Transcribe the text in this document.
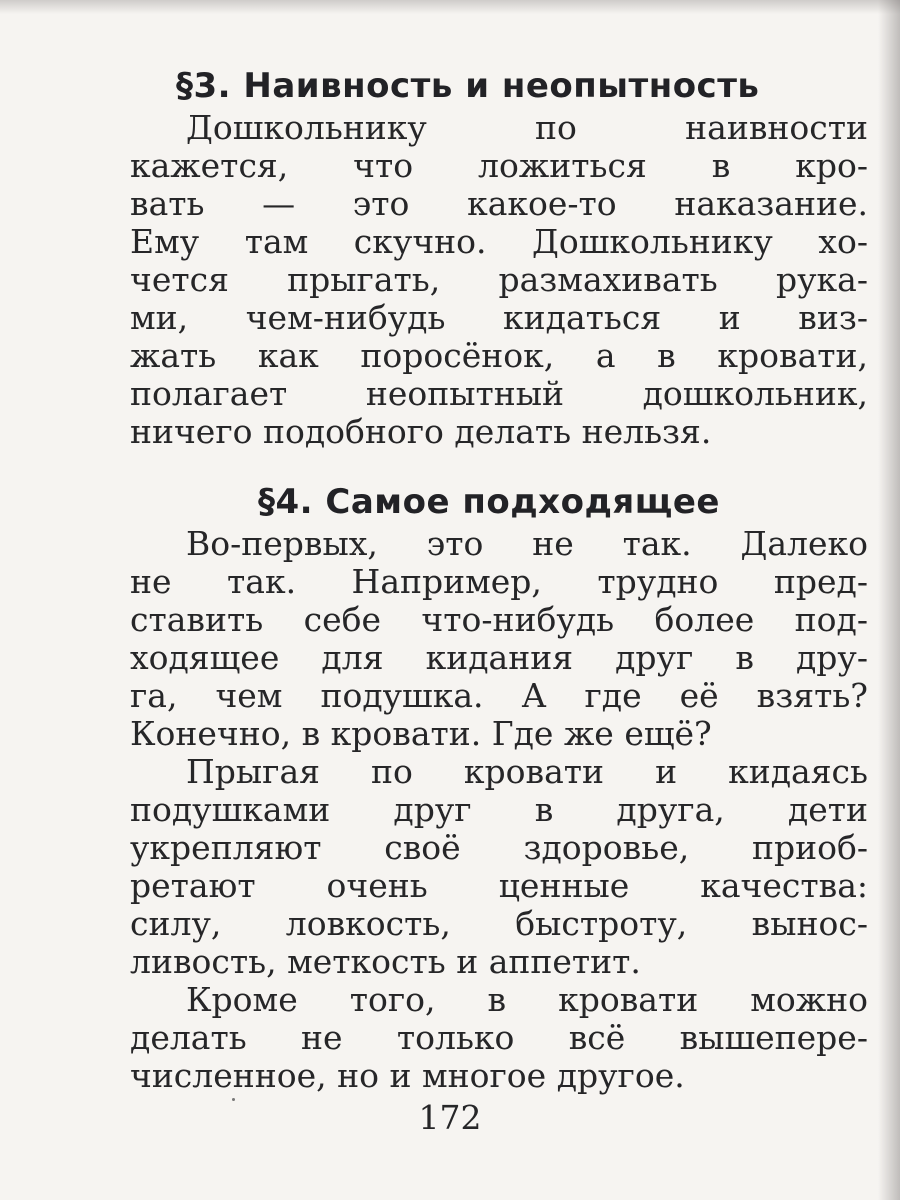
§3. Наивность и неопытность
Дошкольнику по наивности
кажется, что ложиться в кро-
вать — это какое-то наказание.
Ему там скучно. Дошкольнику хо-
чется прыгать, размахивать рука-
ми, чем-нибудь кидаться и виз-
жать как поросёнок, а в кровати,
полагает неопытный дошкольник,
ничего подобного делать нельзя.
§4. Самое подходящее
Во-первых, это не так. Далеко
не так. Например, трудно пред-
ставить себе что-нибудь более под-
ходящее для кидания друг в дру-
га, чем подушка. А где её взять?
Конечно, в кровати. Где же ещё?
Прыгая по кровати и кидаясь
подушками друг в друга, дети
укрепляют своё здоровье, приоб-
ретают очень ценные качества:
силу, ловкость, быстроту, вынос-
ливость, меткость и аппетит.
Кроме того, в кровати можно
делать не только всё вышепере-
численное, но и многое другое.
172
